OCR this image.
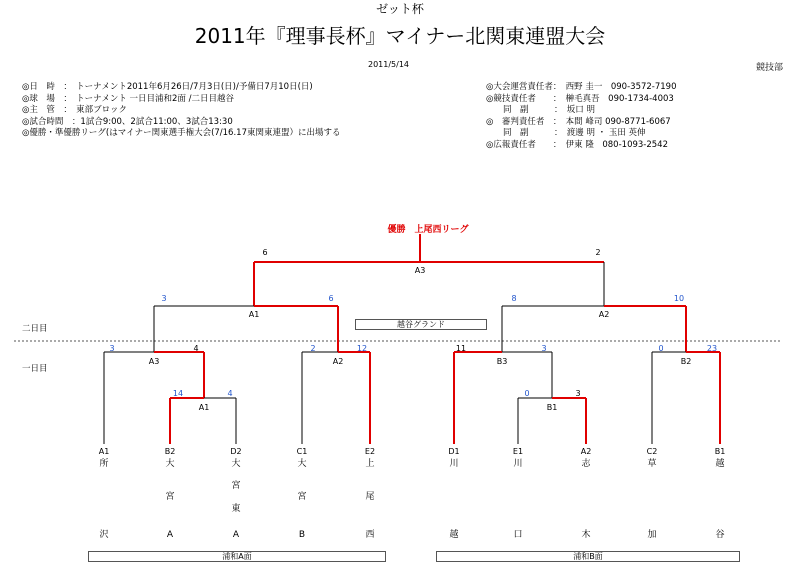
ゼット杯
2011年『理事長杯』マイナー北関東連盟大会
2011/5/14	競技部
◎日　時　：　トーナメント2011年6月26日/7月3日(日)/予備日7月10日(日)
◎球　場　：　トーナメント 一日目浦和2面 /二日目越谷
◎主　管　：　東部ブロック
◎試合時間　：1試合9:00、2試合11:00、3試合13:30
◎優勝・準優勝リーグ(はマイナー関東選手権大会(7/16.17東関東連盟）に出場する
◎大会運営責任者：　西野 圭一　090-3572-7190
◎競技責任者　　：　榊毛真吾　090-1734-4003
　　同　副　　　：　坂口 明
◎　審判責任者　：　本間 峰司 090-8771-6067
　　同　副　　　：　渡邊 明 ・ 玉田 英伸
◎広報責任者　　：　伊東 隆　080-1093-2542
二日目
一日目
越谷グランド
浦和A面	浦和B面
優勝　上尾西リーグ
A3
A1	A2
A3	A2	B3	B2
A1	B1
6	2
3	6	8	10
3	4	2	12	11	3	0	23
14	4	0	3
A1
所
沢
B2
大
宮
A
D2
大
宮
東
A
C1
大
宮
B
E2
上
尾
西
D1
川
越
E1
川
口
A2
志
木
C2
草
加
B1
越
谷
